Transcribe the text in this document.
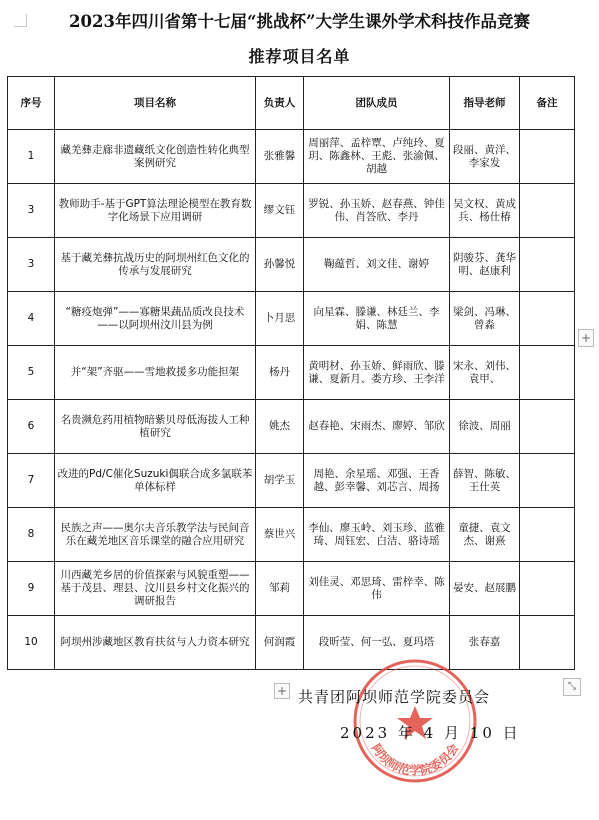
2023年四川省第十七届“挑战杯”大学生课外学术科技作品竞赛
推荐项目名单
序号	项目名称	负责人	团队成员	指导老师	备注
1	藏羌彝走廊非遗藏纸文化创造性转化典型案例研究	张雅馨	周丽萍、孟梓覃、卢纯玲、夏玥、陈鑫林、王彪、张渝佩、胡越	段丽、黄洋、李家发	
3	教师助手-基于GPT算法理论模型在教育数字化场景下应用调研	缪文钰	罗锐、孙玉娇、赵春燕、钟佳伟、肖答欣、李丹	吴文权、黄成兵、杨仕椿	
3	基于藏羌彝抗战历史的阿坝州红色文化的传承与发展研究	孙馨悦	鞠蕴哲、刘文佳、谢婷	阴骏芬、龚华明、赵康利	
4	“糖疫炮弹”——寡糖果蔬品质改良技术——以阿坝州汶川县为例	卜月思	向星霖、滕谦、林廷兰、李娟、陈慧	梁剑、冯琳、曾淼	
5	并“架”齐驱——雪地救援多功能担架	杨丹	黄明材、孙玉娇、鲜雨欣、滕谦、夏新月、娄方珍、王李洋	宋永、刘伟、袁甲、	
6	名贵濒危药用植物暗紫贝母低海拔人工种植研究	姚杰	赵春艳、宋雨杰、廖婷、邹欣	徐波、周丽	
7	改进的Pd/C催化Suzuki偶联合成多氯联苯单体标样	胡学玉	周艳、余星瑶、邓强、王香越、彭幸馨、刘芯言、周扬	薛智、陈敏、王仕英	
8	民族之声——奥尔夫音乐教学法与民间音乐在藏羌地区音乐课堂的融合应用研究	蔡世兴	李仙、廖玉岭、刘玉珍、蓝雅琦、周钰宏、白洁、骆诗瑶	童捷、袁文杰、谢熹	
9	川西藏羌乡居的价值探索与风貌重塑——基于茂县、理县、汶川县乡村文化振兴的调研报告	邹莉	刘佳灵、邓思琦、雷梓幸、陈伟	晏安、赵展鹏	
10	阿坝州涉藏地区教育扶贫与人力资本研究	何润霞	段昕莹、何一弘、夏玛塔	张春嘉	
+
+	⤡
阿坝师范学院委员会
共青团阿坝师范学院委员会
2023 年 4 月 10 日
